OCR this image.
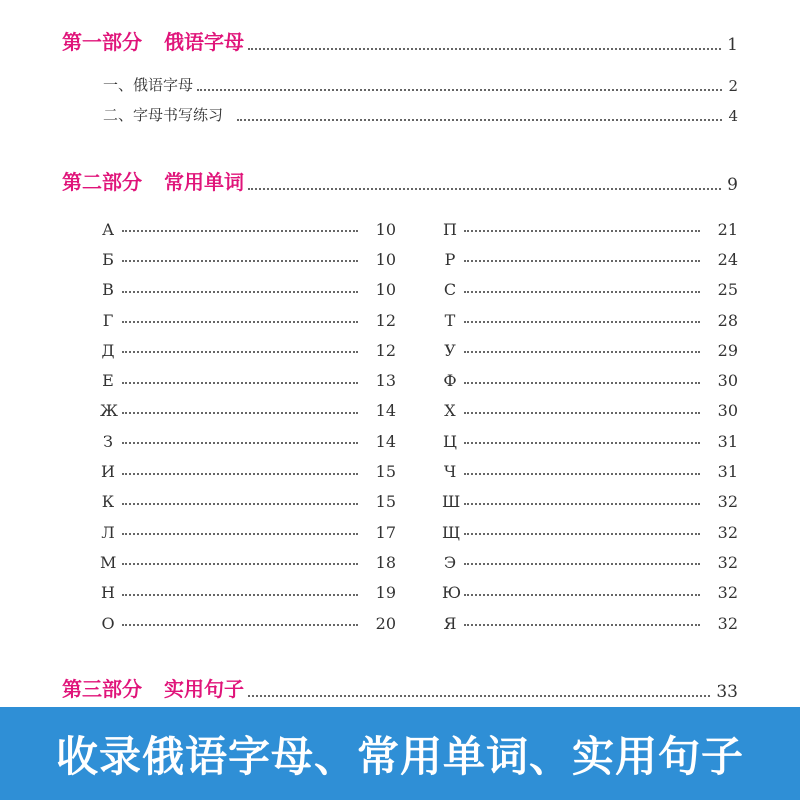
第一部分 俄语字母	1
一、俄语字母	2
二、字母书写练习	4
第二部分 常用单词	9
А	10
Б	10
В	10
Г	12
Д	12
Е	13
Ж	14
З	14
И	15
К	15
Л	17
М	18
Н	19
О	20
П	21
Р	24
С	25
Т	28
У	29
Ф	30
Х	30
Ц	31
Ч	31
Ш	32
Щ	32
Э	32
Ю	32
Я	32
第三部分 实用句子	33
收录俄语字母、常用单词、实用句子
